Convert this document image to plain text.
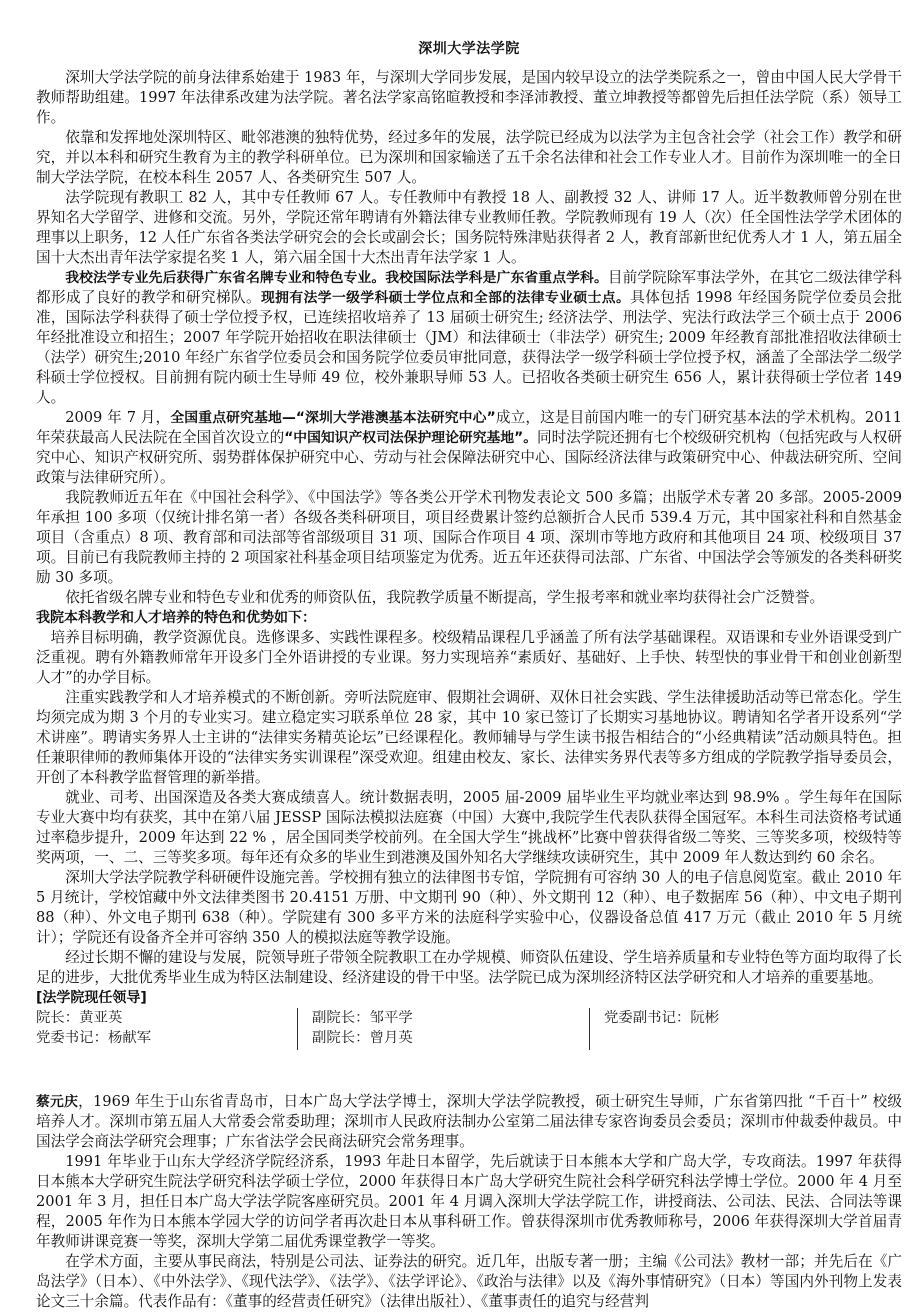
深圳大学法学院

深圳大学法学院的前身法律系始建于 1983 年，与深圳大学同步发展，是国内较早设立的法学类院系之一，曾由中国人民大学骨干教师帮助组建。1997 年法律系改建为法学院。著名法学家高铭暄教授和李泽沛教授、董立坤教授等都曾先后担任法学院（系）领导工作。

依靠和发挥地处深圳特区、毗邻港澳的独特优势，经过多年的发展，法学院已经成为以法学为主包含社会学（社会工作）教学和研究，并以本科和研究生教育为主的教学科研单位。已为深圳和国家输送了五千余名法律和社会工作专业人才。目前作为深圳唯一的全日制大学法学院，在校本科生 2057 人、各类研究生 507 人。

法学院现有教职工 82 人，其中专任教师 67 人。专任教师中有教授 18 人、副教授 32 人、讲师 17 人。近半数教师曾分别在世界知名大学留学、进修和交流。另外，学院还常年聘请有外籍法律专业教师任教。学院教师现有 19 人（次）任全国性法学学术团体的理事以上职务，12 人任广东省各类法学研究会的会长或副会长；国务院特殊津贴获得者 2 人，教育部新世纪优秀人才 1 人，第五届全国十大杰出青年法学家提名奖 1 人，第六届全国十大杰出青年法学家 1 人。

我校法学专业先后获得广东省名牌专业和特色专业。我校国际法学科是广东省重点学科。目前学院除军事法学外，在其它二级法律学科都形成了良好的教学和研究梯队。现拥有法学一级学科硕士学位点和全部的法律专业硕士点。具体包括 1998 年经国务院学位委员会批准，国际法学科获得了硕士学位授予权，已连续招收培养了 13 届硕士研究生; 经济法学、刑法学、宪法行政法学三个硕士点于 2006 年经批准设立和招生；2007 年学院开始招收在职法律硕士（JM）和法律硕士（非法学）研究生; 2009 年经教育部批准招收法律硕士（法学）研究生;2010 年经广东省学位委员会和国务院学位委员审批同意，获得法学一级学科硕士学位授予权，涵盖了全部法学二级学科硕士学位授权。目前拥有院内硕士生导师 49 位，校外兼职导师 53 人。已招收各类硕士研究生 656 人，累计获得硕士学位者 149 人。

2009 年 7 月，全国重点研究基地—“深圳大学港澳基本法研究中心”成立，这是目前国内唯一的专门研究基本法的学术机构。2011 年荣获最高人民法院在全国首次设立的“中国知识产权司法保护理论研究基地”。同时法学院还拥有七个校级研究机构（包括宪政与人权研究中心、知识产权研究所、弱势群体保护研究中心、劳动与社会保障法研究中心、国际经济法律与政策研究中心、仲裁法研究所、空间政策与法律研究所）。

我院教师近五年在《中国社会科学》、《中国法学》等各类公开学术刊物发表论文 500 多篇；出版学术专著 20 多部。2005-2009 年承担 100 多项（仅统计排名第一者）各级各类科研项目，项目经费累计签约总额折合人民币 539.4 万元，其中国家社科和自然基金项目（含重点）8 项、教育部和司法部等省部级项目 31 项、国际合作项目 4 项、深圳市等地方政府和其他项目 24 项、校级项目 37 项。目前已有我院教师主持的 2 项国家社科基金项目结项鉴定为优秀。近五年还获得司法部、广东省、中国法学会等颁发的各类科研奖励 30 多项。

依托省级名牌专业和特色专业和优秀的师资队伍，我院教学质量不断提高，学生报考率和就业率均获得社会广泛赞誉。

我院本科教学和人才培养的特色和优势如下：

培养目标明确，教学资源优良。选修课多、实践性课程多。校级精品课程几乎涵盖了所有法学基础课程。双语课和专业外语课受到广泛重视。聘有外籍教师常年开设多门全外语讲授的专业课。努力实现培养“素质好、基础好、上手快、转型快的事业骨干和创业创新型人才”的办学目标。

注重实践教学和人才培养模式的不断创新。旁听法院庭审、假期社会调研、双休日社会实践、学生法律援助活动等已常态化。学生均须完成为期 3 个月的专业实习。建立稳定实习联系单位 28 家，其中 10 家已签订了长期实习基地协议。聘请知名学者开设系列“学术讲座”。聘请实务界人士主讲的“法律实务精英论坛”已经课程化。教师辅导与学生读书报告相结合的“小经典精读”活动颇具特色。担任兼职律师的教师集体开设的“法律实务实训课程”深受欢迎。组建由校友、家长、法律实务界代表等多方组成的学院教学指导委员会，开创了本科教学监督管理的新举措。

就业、司考、出国深造及各类大赛成绩喜人。统计数据表明，2005 届-2009 届毕业生平均就业率达到 98.9% 。学生每年在国际专业大赛中均有获奖，其中在第八届 JESSP 国际法模拟法庭赛（中国）大赛中,我院学生代表队获得全国冠军。本科生司法资格考试通过率稳步提升，2009 年达到 22 % ，居全国同类学校前列。在全国大学生“挑战杯”比赛中曾获得省级二等奖、三等奖多项，校级特等奖两项，一、二、三等奖多项。每年还有众多的毕业生到港澳及国外知名大学继续攻读研究生，其中 2009 年人数达到约 60 余名。

深圳大学法学院教学科研硬件设施完善。学校拥有独立的法律图书专馆，学院拥有可容纳 30 人的电子信息阅览室。截止 2010 年 5 月统计，学校馆藏中外文法律类图书 20.4151 万册、中文期刊 90（种）、外文期刊 12（种）、电子数据库 56（种）、中文电子期刊 88（种）、外文电子期刊 638（种）。学院建有 300 多平方米的法庭科学实验中心，仪器设备总值 417 万元（截止 2010 年 5 月统计）；学院还有设备齐全并可容纳 350 人的模拟法庭等教学设施。

经过长期不懈的建设与发展，院领导班子带领全院教职工在办学规模、师资队伍建设、学生培养质量和专业特色等方面均取得了长足的进步，大批优秀毕业生成为特区法制建设、经济建设的骨干中坚。法学院已成为深圳经济特区法学研究和人才培养的重要基地。

[法学院现任领导]

院长：黄亚英
党委书记：杨献军
副院长：邹平学
副院长：曾月英
党委副书记：阮彬

蔡元庆，1969 年生于山东省青岛市，日本广岛大学法学博士，深圳大学法学院教授，硕士研究生导师，广东省第四批 “千百十” 校级培养人才。深圳市第五届人大常委会常委助理；深圳市人民政府法制办公室第二届法律专家咨询委员会委员；深圳市仲裁委仲裁员。中国法学会商法学研究会理事；广东省法学会民商法研究会常务理事。

1991 年毕业于山东大学经济学院经济系，1993 年赴日本留学，先后就读于日本熊本大学和广岛大学，专攻商法。1997 年获得日本熊本大学研究生院法学研究科法学硕士学位，2000 年获得日本广岛大学研究生院社会科学研究科法学博士学位。2000 年 4 月至 2001 年 3 月，担任日本广岛大学法学院客座研究员。2001 年 4 月调入深圳大学法学院工作，讲授商法、公司法、民法、合同法等课程，2005 年作为日本熊本学园大学的访问学者再次赴日本从事科研工作。曾获得深圳市优秀教师称号，2006 年获得深圳大学首届青年教师讲课竞赛一等奖，深圳大学第二届优秀课堂教学一等奖。

在学术方面，主要从事民商法，特别是公司法、证券法的研究。近几年，出版专著一册；主编《公司法》教材一部；并先后在《广岛法学》（日本）、《中外法学》、《现代法学》、《法学》、《法学评论》、《政治与法律》以及《海外事情研究》（日本）等国内外刊物上发表论文三十余篇。代表作品有：《董事的经营责任研究》（法律出版社）、《董事责任的追究与经营判
